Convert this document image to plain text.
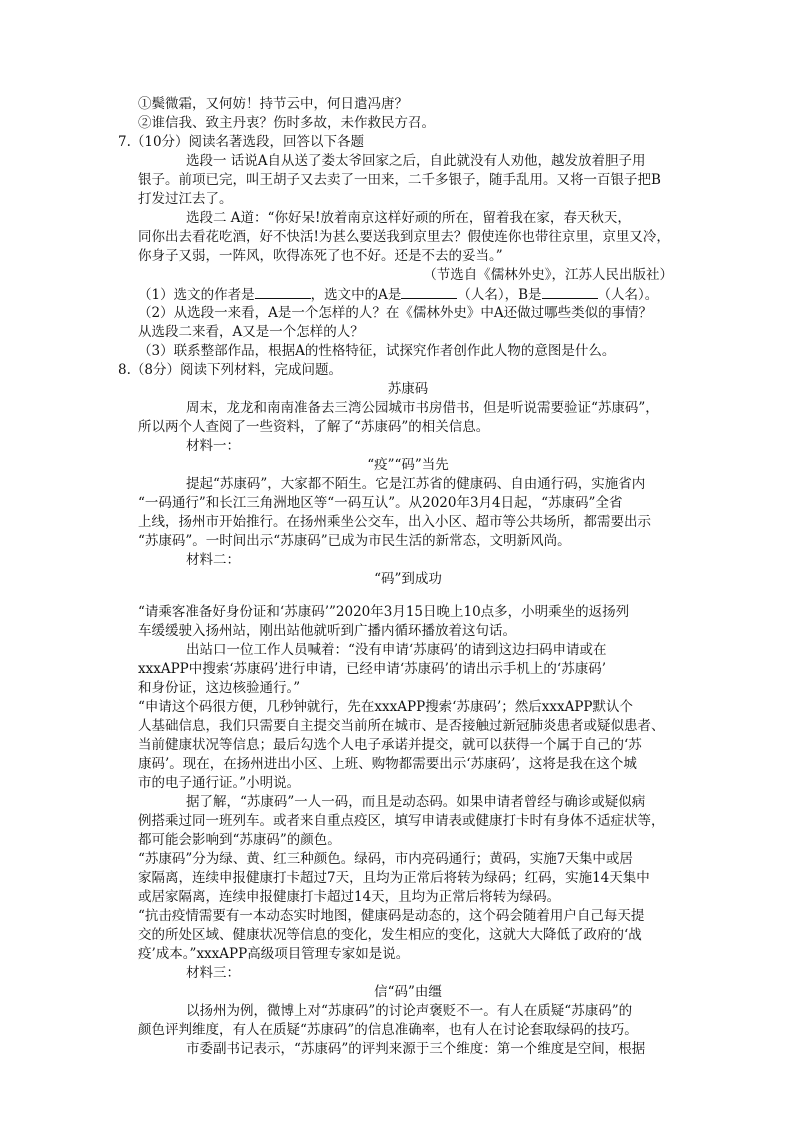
①鬓微霜，又何妨！持节云中，何日遣冯唐？
②谁信我、致主丹衷？伤时多故，未作救民方召。
7.（10分）阅读名著选段，回答以下各题
选段一 话说A自从送了娄太爷回家之后，自此就没有人劝他，越发放着胆子用
银子。前项已完，叫王胡子又去卖了一田来，二千多银子，随手乱用。又将一百银子把B
打发过江去了。
选段二 A道：“你好呆!放着南京这样好顽的所在，留着我在家，春天秋天，
同你出去看花吃酒，好不快活!为甚么要送我到京里去？假使连你也带往京里，京里又冷，
你身子又弱，一阵风，吹得冻死了也不好。还是不去的妥当。”
（节选自《儒林外史》，江苏人民出版社）
（1）选文的作者是	，选文中的A是	（人名），B是	（人名）。
（2）从选段一来看，A是一个怎样的人？在《儒林外史》中A还做过哪些类似的事情？
从选段二来看，A又是一个怎样的人？
（3）联系整部作品，根据A的性格特征，试探究作者创作此人物的意图是什么。
8.（8分）阅读下列材料，完成问题。
苏康码
周末，龙龙和南南准备去三湾公园城市书房借书，但是听说需要验证“苏康码”，
所以两个人查阅了一些资料，了解了“苏康码”的相关信息。
材料一：
“疫”“码”当先
提起“苏康码”，大家都不陌生。它是江苏省的健康码、自由通行码，实施省内
“一码通行”和长江三角洲地区等“一码互认”。从2020年3月4日起，“苏康码”全省
上线，扬州市开始推行。在扬州乘坐公交车，出入小区、超市等公共场所，都需要出示
“苏康码”。一时间出示“苏康码”已成为市民生活的新常态，文明新风尚。
材料二：
“码”到成功
“请乘客准备好身份证和‘苏康码’”2020年3月15日晚上10点多，小明乘坐的返扬列
车缓缓驶入扬州站，刚出站他就听到广播内循环播放着这句话。
出站口一位工作人员喊着：“没有申请‘苏康码’的请到这边扫码申请或在
xxxAPP中搜索‘苏康码’进行申请，已经申请‘苏康码’的请出示手机上的‘苏康码’
和身份证，这边核验通行。”
“申请这个码很方便，几秒钟就行，先在xxxAPP搜索‘苏康码’；然后xxxAPP默认个
人基础信息，我们只需要自主提交当前所在城市、是否接触过新冠肺炎患者或疑似患者、
当前健康状况等信息；最后勾选个人电子承诺并提交，就可以获得一个属于自己的‘苏
康码’。现在，在扬州进出小区、上班、购物都需要出示‘苏康码’，这将是我在这个城
市的电子通行证。”小明说。
据了解，“苏康码”一人一码，而且是动态码。如果申请者曾经与确诊或疑似病
例搭乘过同一班列车。或者来自重点疫区，填写申请表或健康打卡时有身体不适症状等，
都可能会影响到“苏康码”的颜色。
“苏康码”分为绿、黄、红三种颜色。绿码，市内亮码通行；黄码，实施7天集中或居
家隔离，连续申报健康打卡超过7天，且均为正常后将转为绿码；红码，实施14天集中
或居家隔离，连续申报健康打卡超过14天，且均为正常后将转为绿码。
“抗击疫情需要有一本动态实时地图，健康码是动态的，这个码会随着用户自己每天提
交的所处区域、健康状况等信息的变化，发生相应的变化，这就大大降低了政府的‘战
疫’成本。”xxxAPP高级项目管理专家如是说。
材料三：
信“码”由缰
以扬州为例，微博上对“苏康码”的讨论声褒贬不一。有人在质疑“苏康码”的
颜色评判维度，有人在质疑“苏康码”的信息准确率，也有人在讨论套取绿码的技巧。
市委副书记表示，“苏康码”的评判来源于三个维度：第一个维度是空间，根据
